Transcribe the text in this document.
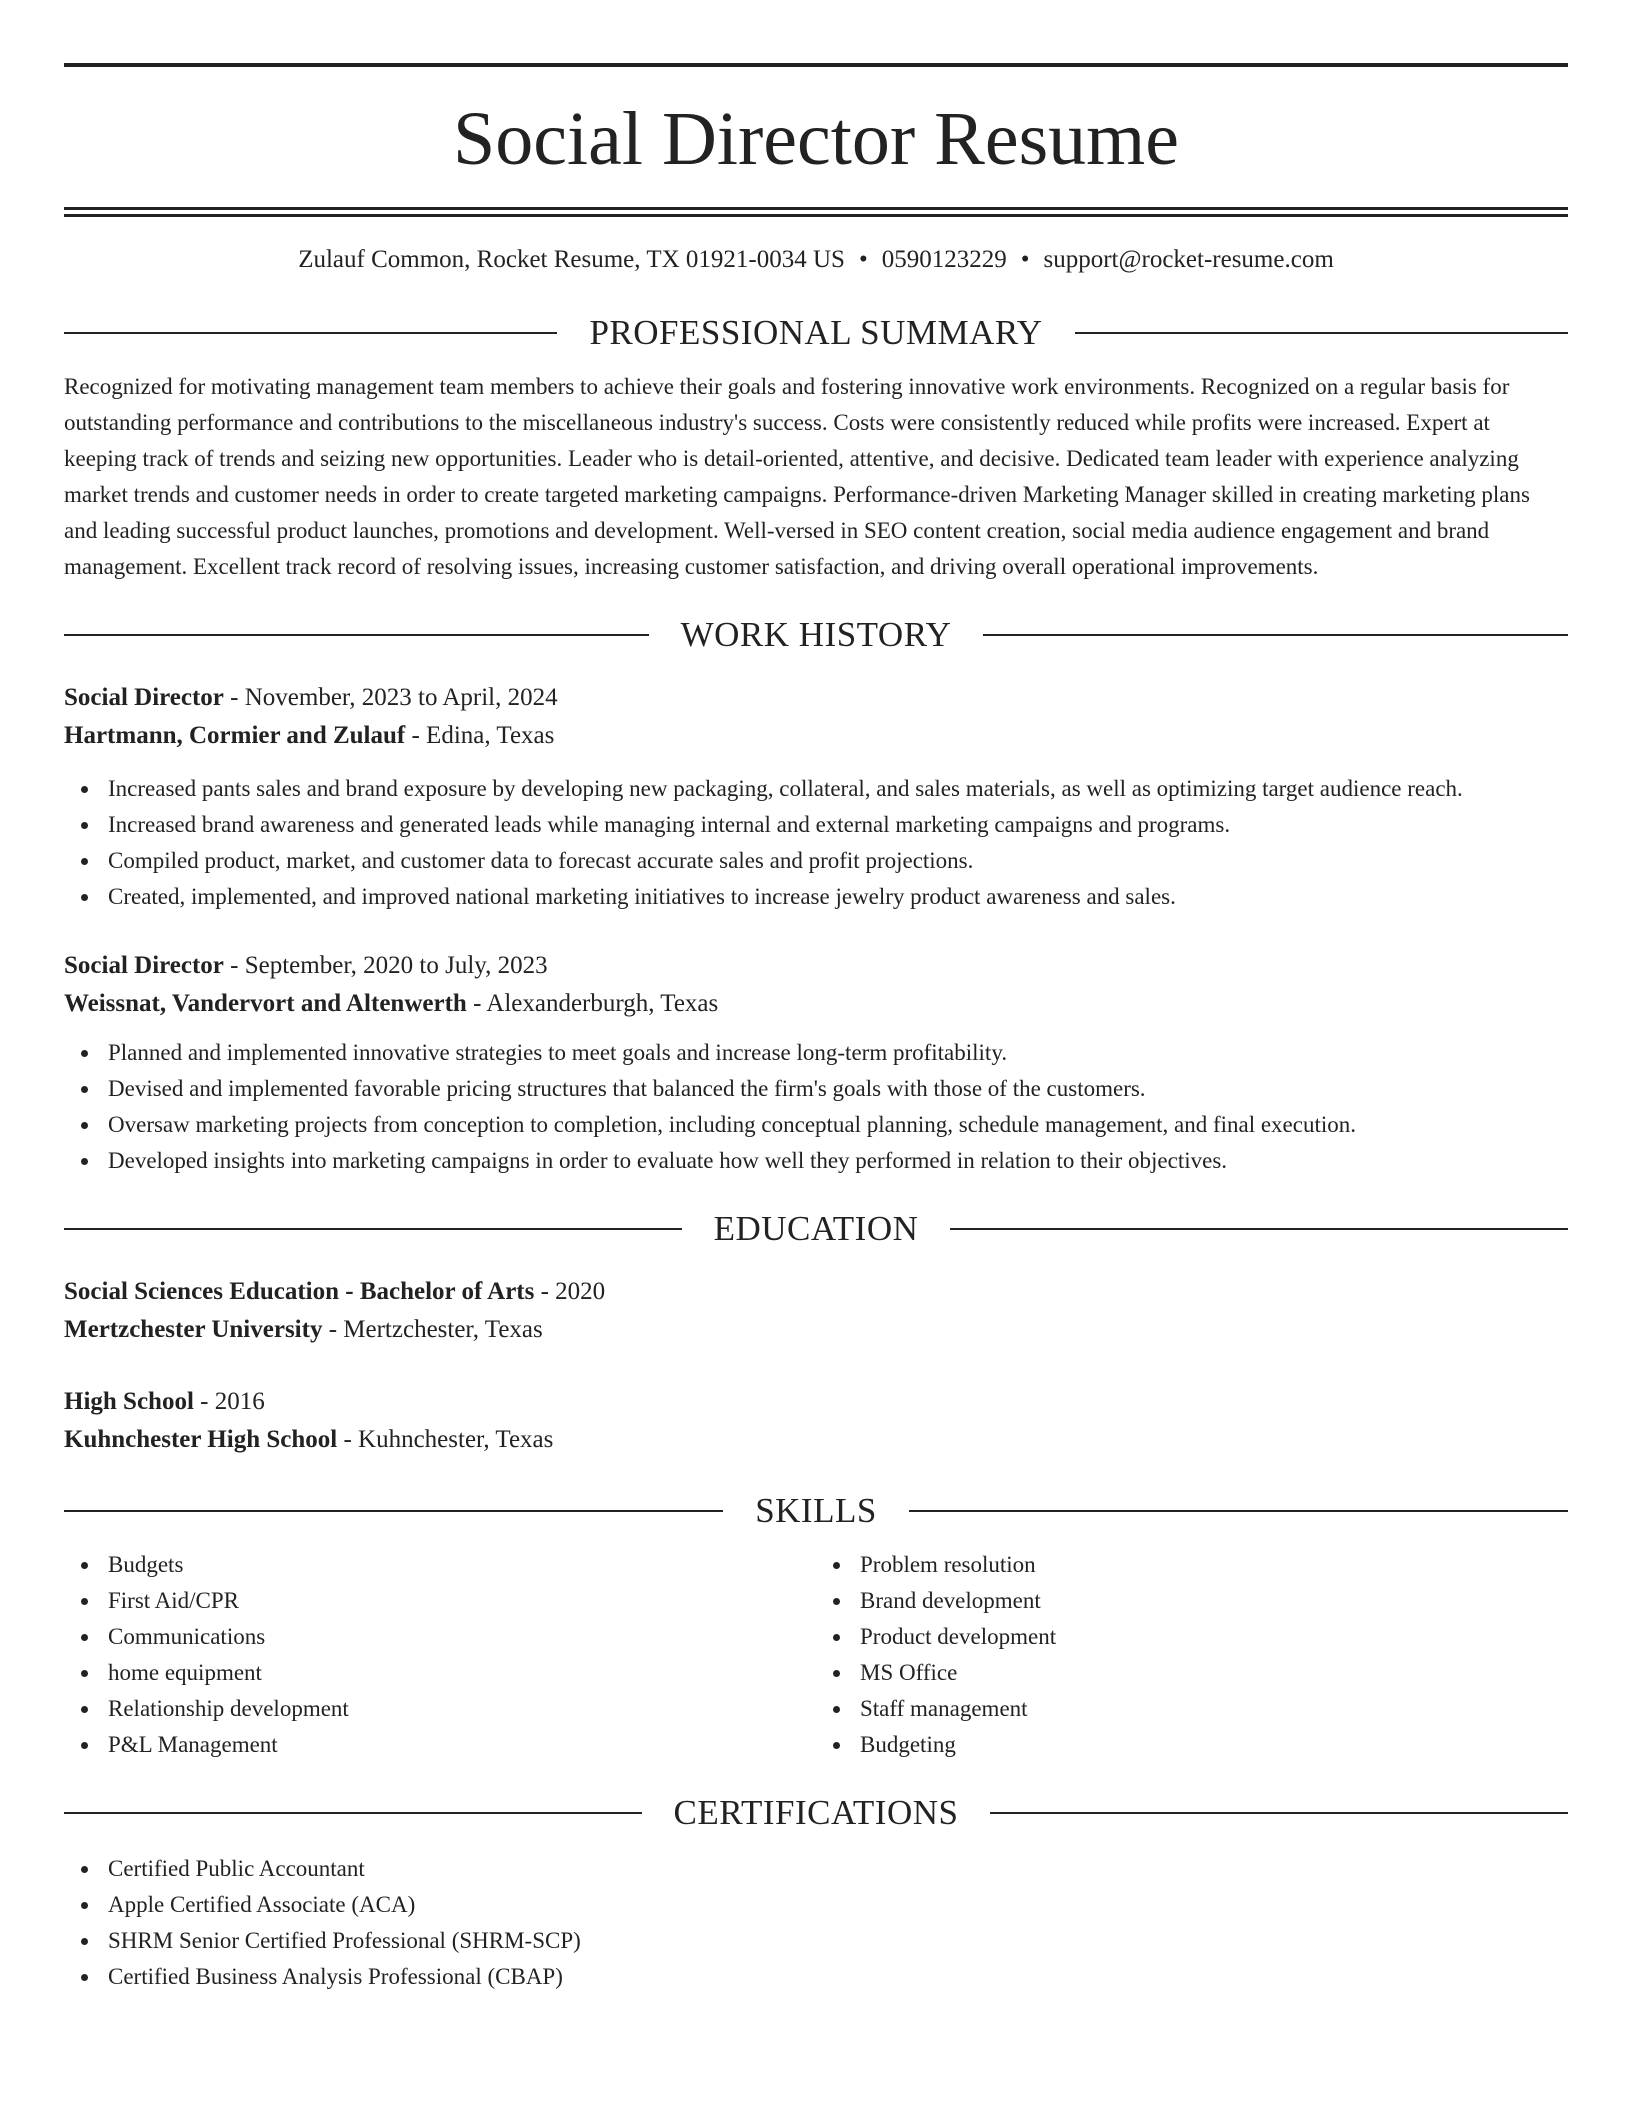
Social Director Resume
Zulauf Common, Rocket Resume, TX 01921-0034 US • 0590123229 • support@rocket-resume.com
PROFESSIONAL SUMMARY

Recognized for motivating management team members to achieve their goals and fostering innovative work environments. Recognized on a regular basis for outstanding performance and contributions to the miscellaneous industry's success. Costs were consistently reduced while profits were increased. Expert at keeping track of trends and seizing new opportunities. Leader who is detail-oriented, attentive, and decisive. Dedicated team leader with experience analyzing market trends and customer needs in order to create targeted marketing campaigns. Performance-driven Marketing Manager skilled in creating marketing plans and leading successful product launches, promotions and development. Well-versed in SEO content creation, social media audience engagement and brand management. Excellent track record of resolving issues, increasing customer satisfaction, and driving overall operational improvements.

WORK HISTORY
Social Director - November, 2023 to April, 2024
Hartmann, Cormier and Zulauf - Edina, Texas
Increased pants sales and brand exposure by developing new packaging, collateral, and sales materials, as well as optimizing target audience reach.
Increased brand awareness and generated leads while managing internal and external marketing campaigns and programs.
Compiled product, market, and customer data to forecast accurate sales and profit projections.
Created, implemented, and improved national marketing initiatives to increase jewelry product awareness and sales.
Social Director - September, 2020 to July, 2023
Weissnat, Vandervort and Altenwerth - Alexanderburgh, Texas
Planned and implemented innovative strategies to meet goals and increase long-term profitability.
Devised and implemented favorable pricing structures that balanced the firm's goals with those of the customers.
Oversaw marketing projects from conception to completion, including conceptual planning, schedule management, and final execution.
Developed insights into marketing campaigns in order to evaluate how well they performed in relation to their objectives.
EDUCATION
Social Sciences Education - Bachelor of Arts - 2020
Mertzchester University - Mertzchester, Texas
High School - 2016
Kuhnchester High School - Kuhnchester, Texas
SKILLS
Budgets
First Aid/CPR
Communications
home equipment
Relationship development
P&L Management
Problem resolution
Brand development
Product development
MS Office
Staff management
Budgeting
CERTIFICATIONS
Certified Public Accountant
Apple Certified Associate (ACA)
SHRM Senior Certified Professional (SHRM-SCP)
Certified Business Analysis Professional (CBAP)
